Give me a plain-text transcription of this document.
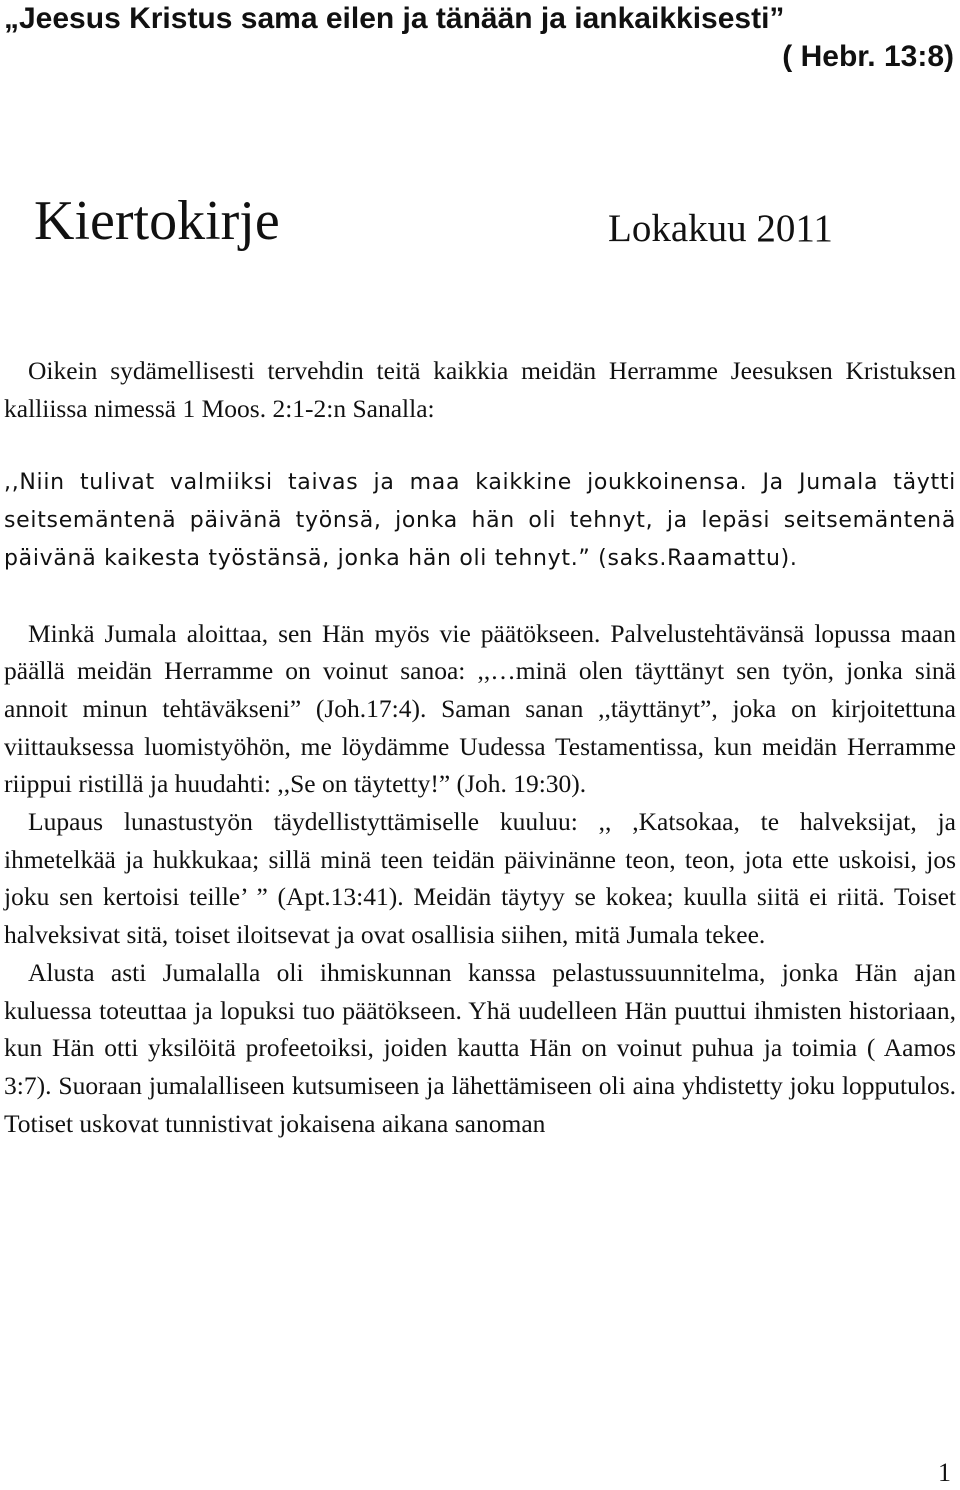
„Jeesus Kristus sama eilen ja tänään ja iankaikkisesti”
( Hebr. 13:8)
Kiertokirje	Lokakuu 2011

Oikein sydämellisesti tervehdin teitä kaikkia meidän Herramme Jeesuksen Kristuksen kalliissa nimessä 1 Moos. 2:1-2:n Sanalla:

,,Niin tulivat valmiiksi taivas ja maa kaikkine joukkoinensa. Ja Jumala täytti seitsemäntenä päivänä työnsä, jonka hän oli tehnyt, ja lepäsi seitsemäntenä päivänä kaikesta työstänsä, jonka hän oli tehnyt.” (saks.Raamattu).

Minkä Jumala aloittaa, sen Hän myös vie päätökseen. Palvelustehtävänsä lopussa maan päällä meidän Herramme on voinut sanoa: ,,…minä olen täyttänyt sen työn, jonka sinä annoit minun tehtäväkseni” (Joh.17:4). Saman sanan ,,täyttänyt”, joka on kirjoitettuna viittauksessa luomistyöhön, me löydämme Uudessa Testamentissa, kun meidän Herramme riippui ristillä ja huudahti: ,,Se on täytetty!” (Joh. 19:30).

Lupaus lunastustyön täydellistyttämiselle kuuluu: ,, ,Katsokaa, te halveksijat, ja ihmetelkää ja hukkukaa; sillä minä teen teidän päivinänne teon, teon, jota ette uskoisi, jos joku sen kertoisi teille’ ” (Apt.13:41). Meidän täytyy se kokea; kuulla siitä ei riitä. Toiset halveksivat sitä, toiset iloitsevat ja ovat osallisia siihen, mitä Jumala tekee.

Alusta asti Jumalalla oli ihmiskunnan kanssa pelastussuunnitelma, jonka Hän ajan kuluessa toteuttaa ja lopuksi tuo päätökseen. Yhä uudelleen Hän puuttui ihmisten historiaan, kun Hän otti yksilöitä profeetoiksi, joiden kautta Hän on voinut puhua ja toimia ( Aamos 3:7). Suoraan jumalalliseen kutsumiseen ja lähettämiseen oli aina yhdistetty joku lopputulos. Totiset uskovat tunnistivat jokaisena aikana sanoman

1
